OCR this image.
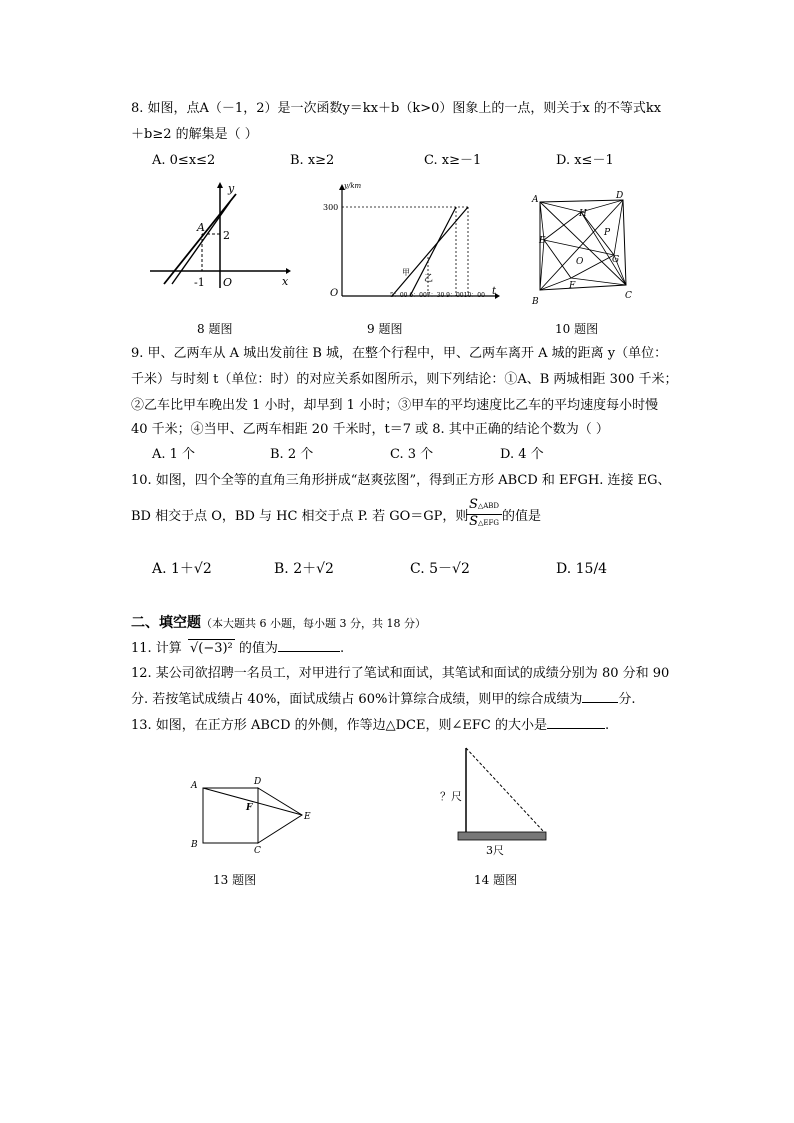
8. 如图，点A（－1，2）是一次函数y＝kx＋b（k>0）图象上的一点，则关于x 的不等式kx
＋b≥2 的解集是（ ）
A. 0≤x≤2	B. x≥2	C. x≥－1	D. x≤－1
y
x
A
2
-1 O
8 题图
y/km
300
O	t
甲
乙
5：00 6：007：30 9：0010：00
9 题图
A	D
B
C
H
E
P
O	G
F
10 题图
9. 甲、乙两车从 A 城出发前往 B 城，在整个行程中，甲、乙两车离开 A 城的距离 y（单位：
千米）与时刻 t（单位：时）的对应关系如图所示，则下列结论：①A、B 两城相距 300 千米；
②乙车比甲车晚出发 1 小时，却早到 1 小时；③甲车的平均速度比乙车的平均速度每小时慢
40 千米；④当甲、乙两车相距 20 千米时，t＝7 或 8. 其中正确的结论个数为（ ）
A. 1 个	B. 2 个	C. 3 个	D. 4 个
10. 如图，四个全等的直角三角形拼成“赵爽弦图”，得到正方形 ABCD 和 EFGH. 连接 EG、
BD 相交于点 O，BD 与 HC 相交于点 P. 若 GO＝GP，则
S△ABD
S△EFG 的值是
A. 1＋√2	B. 2＋√2	C. 5－√2	D. 15/4
二、填空题（本大题共 6 小题，每小题 3 分，共 18 分）
11. 计算 √(−3)² 的值为	.
12. 某公司欲招聘一名员工，对甲进行了笔试和面试，其笔试和面试的成绩分别为 80 分和 90
分. 若按笔试成绩占 40%，面试成绩占 60%计算综合成绩，则甲的综合成绩为	分.
13. 如图，在正方形 ABCD 的外侧，作等边△DCE，则∠EFC 的大小是	.
A	D
F
E
B
C
13 题图
？尺
3尺
14 题图
